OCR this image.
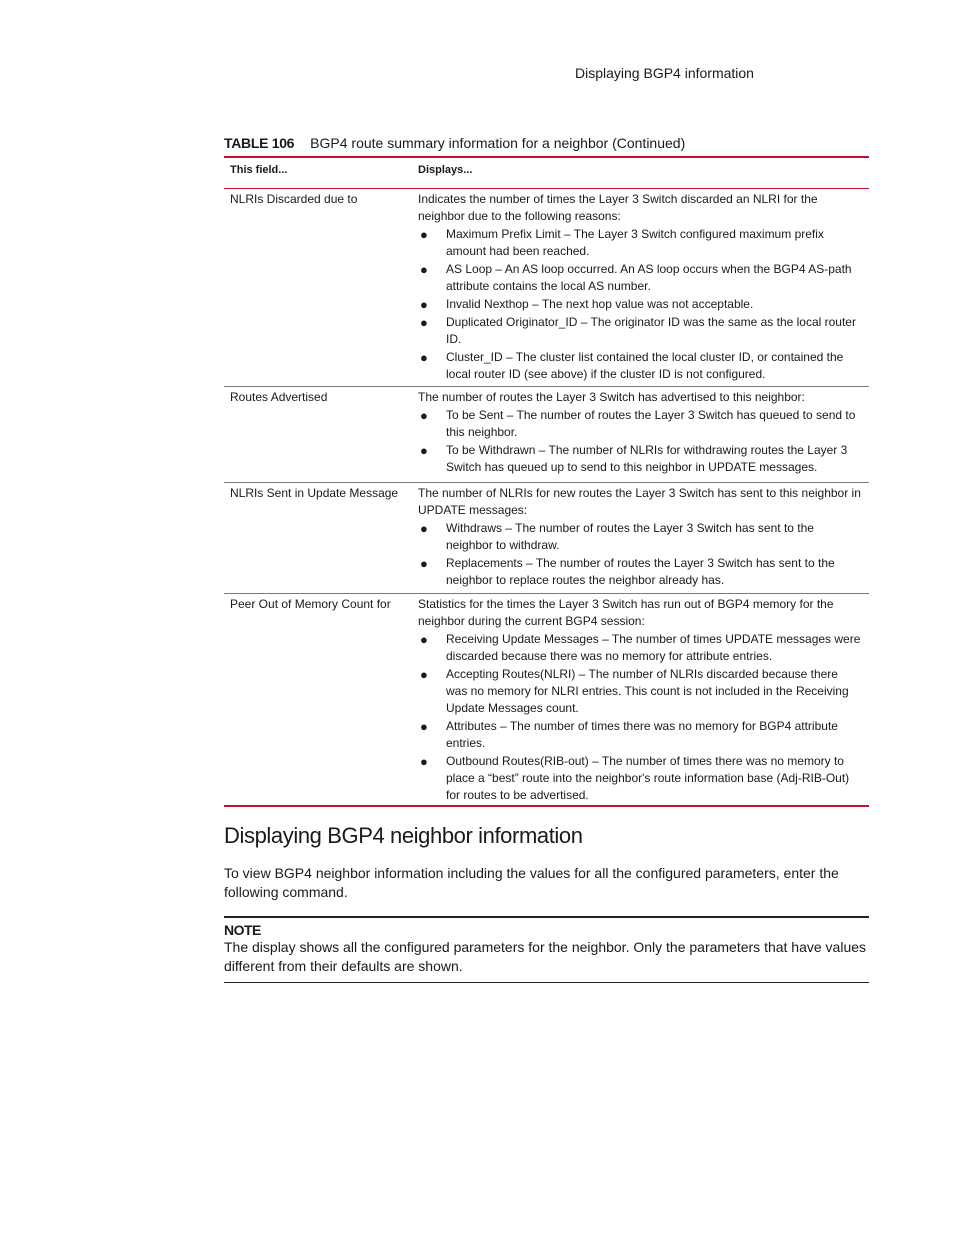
Displaying BGP4 information
TABLE 106 BGP4 route summary information for a neighbor (Continued)
This field...	Displays...
NLRIs Discarded due to	Indicates the number of times the Layer 3 Switch discarded an NLRI for the neighbor due to the following reasons:
● Maximum Prefix Limit – The Layer 3 Switch configured maximum prefix amount had been reached.
● AS Loop – An AS loop occurred. An AS loop occurs when the BGP4 AS-path attribute contains the local AS number.
● Invalid Nexthop – The next hop value was not acceptable.
● Duplicated Originator_ID – The originator ID was the same as the local router ID.
● Cluster_ID – The cluster list contained the local cluster ID, or contained the local router ID (see above) if the cluster ID is not configured.
Routes Advertised	The number of routes the Layer 3 Switch has advertised to this neighbor:
● To be Sent – The number of routes the Layer 3 Switch has queued to send to this neighbor.
● To be Withdrawn – The number of NLRIs for withdrawing routes the Layer 3 Switch has queued up to send to this neighbor in UPDATE messages.
NLRIs Sent in Update Message	The number of NLRIs for new routes the Layer 3 Switch has sent to this neighbor in UPDATE messages:
● Withdraws – The number of routes the Layer 3 Switch has sent to the neighbor to withdraw.
● Replacements – The number of routes the Layer 3 Switch has sent to the neighbor to replace routes the neighbor already has.
Peer Out of Memory Count for	Statistics for the times the Layer 3 Switch has run out of BGP4 memory for the neighbor during the current BGP4 session:
● Receiving Update Messages – The number of times UPDATE messages were discarded because there was no memory for attribute entries.
● Accepting Routes(NLRI) – The number of NLRIs discarded because there was no memory for NLRI entries. This count is not included in the Receiving Update Messages count.
● Attributes – The number of times there was no memory for BGP4 attribute entries.
● Outbound Routes(RIB-out) – The number of times there was no memory to place a “best” route into the neighbor's route information base (Adj-RIB-Out) for routes to be advertised.
Displaying BGP4 neighbor information
To view BGP4 neighbor information including the values for all the configured parameters, enter the following command.
NOTE
The display shows all the configured parameters for the neighbor. Only the parameters that have values different from their defaults are shown.
